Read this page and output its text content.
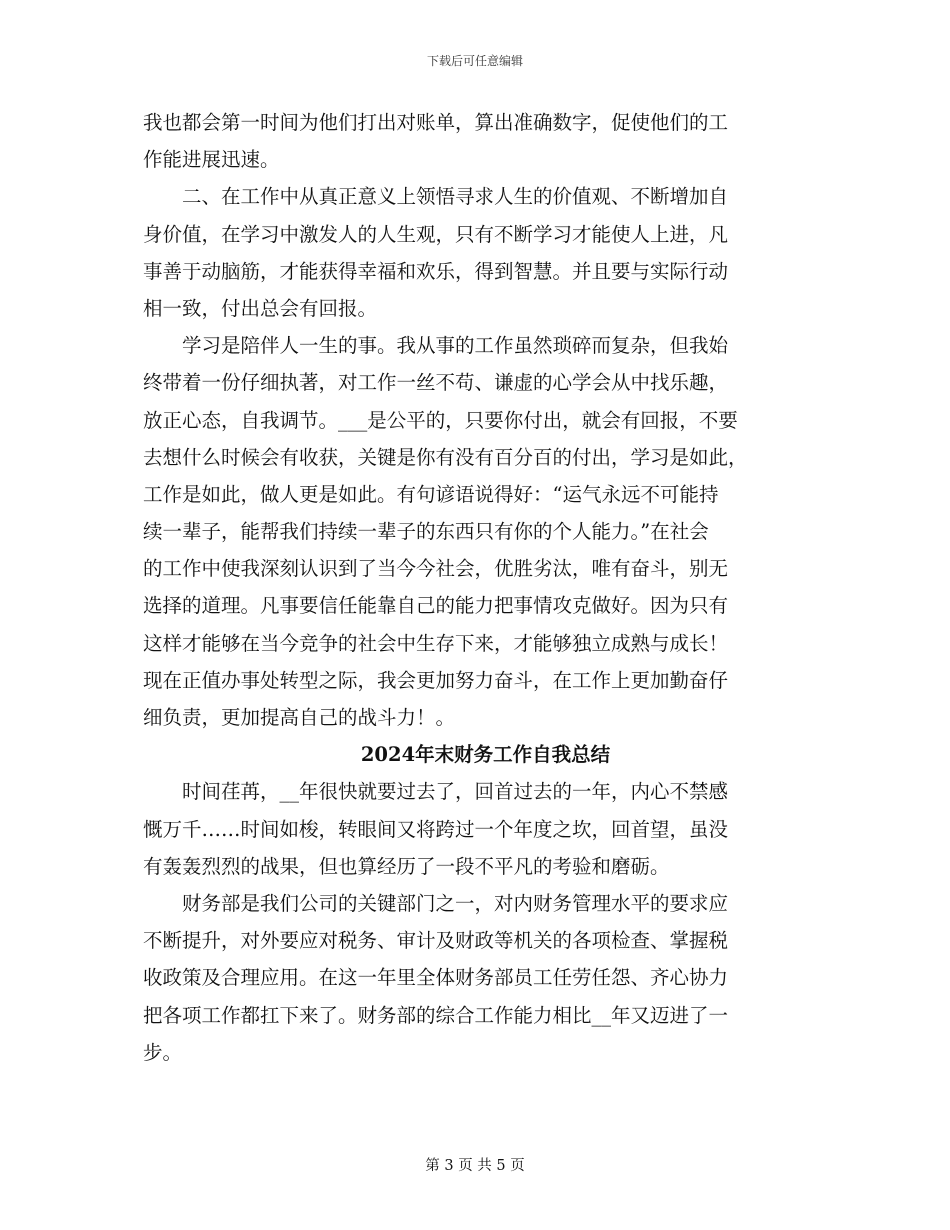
下载后可任意编辑
我也都会第一时间为他们打出对账单，算出准确数字，促使他们的工
作能进展迅速。
　　二、在工作中从真正意义上领悟寻求人生的价值观、不断增加自
身价值，在学习中激发人的人生观，只有不断学习才能使人上进，凡
事善于动脑筋，才能获得幸福和欢乐，得到智慧。并且要与实际行动
相一致，付出总会有回报。
　　学习是陪伴人一生的事。我从事的工作虽然琐碎而复杂，但我始
终带着一份仔细执著，对工作一丝不苟、谦虚的心学会从中找乐趣，
放正心态，自我调节。___是公平的，只要你付出，就会有回报，不要
去想什么时候会有收获，关键是你有没有百分百的付出，学习是如此，
工作是如此，做人更是如此。有句谚语说得好：“运气永远不可能持
续一辈子，能帮我们持续一辈子的东西只有你的个人能力。”在社会
的工作中使我深刻认识到了当今今社会，优胜劣汰，唯有奋斗，别无
选择的道理。凡事要信任能靠自己的能力把事情攻克做好。因为只有
这样才能够在当今竞争的社会中生存下来，才能够独立成熟与成长！
现在正值办事处转型之际，我会更加努力奋斗，在工作上更加勤奋仔
细负责，更加提高自己的战斗力！。
2024年末财务工作自我总结
　　时间荏苒，__年很快就要过去了，回首过去的一年，内心不禁感
慨万千……时间如梭，转眼间又将跨过一个年度之坎，回首望，虽没
有轰轰烈烈的战果，但也算经历了一段不平凡的考验和磨砺。
　　财务部是我们公司的关键部门之一，对内财务管理水平的要求应
不断提升，对外要应对税务、审计及财政等机关的各项检查、掌握税
收政策及合理应用。在这一年里全体财务部员工任劳任怨、齐心协力
把各项工作都扛下来了。财务部的综合工作能力相比__年又迈进了一
步。
第 3 页 共 5 页
